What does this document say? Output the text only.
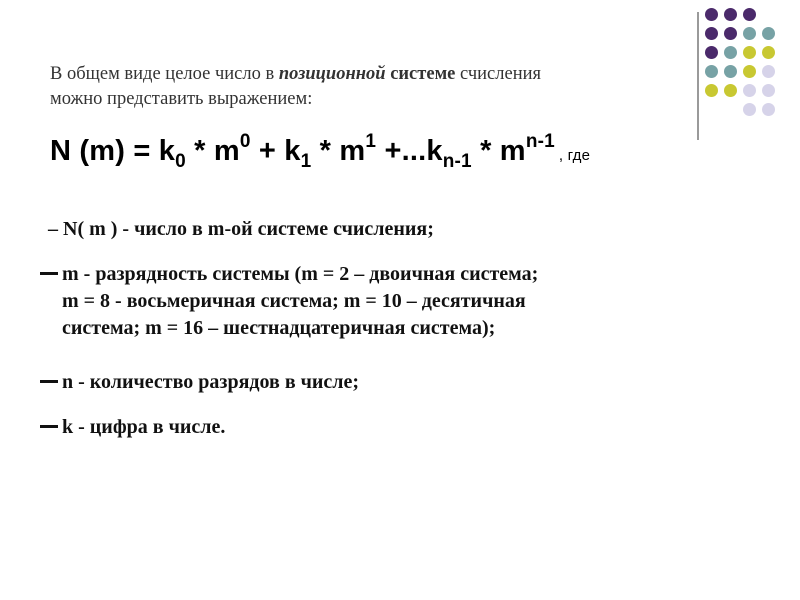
В общем виде целое число в позиционной системе счисления
можно представить выражением:
N $(m) = k_0 * m^0 + k_1 * m^1 +...k_{n-1} * m^{n-1}$, где
– N( m ) - число в m-ой системе счисления;
m - разрядность системы (m = 2 – двоичная система;
m = 8 - восьмеричная система; m = 10 – десятичная
система; m = 16 – шестнадцатеричная система);
n - количество разрядов в числе;
k - цифра в числе.
